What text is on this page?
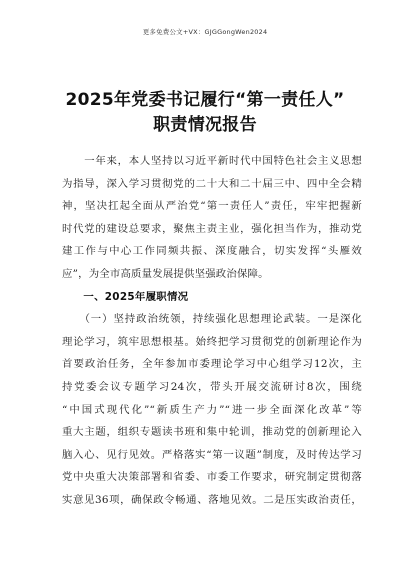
更多免费公文+VX：GJGGongWen2024
2025年党委书记履行“第一责任人”
职责情况报告
　　一年来，本人坚持以习近平新时代中国特色社会主义思想
为指导，深入学习贯彻党的二十大和二十届三中、四中全会精
神，坚决扛起全面从严治党“第一责任人”责任，牢牢把握新
时代党的建设总要求，聚焦主责主业，强化担当作为，推动党
建工作与中心工作同频共振、深度融合，切实发挥“头雁效
应”，为全市高质量发展提供坚强政治保障。
　　一、2025年履职情况
　　（一）坚持政治统领，持续强化思想理论武装。一是深化
理论学习，筑牢思想根基。始终把学习贯彻党的创新理论作为
首要政治任务，全年参加市委理论学习中心组学习12次，主
持党委会议专题学习24次，带头开展交流研讨8次，围绕
“中国式现代化”“新质生产力”“进一步全面深化改革”等
重大主题，组织专题读书班和集中轮训，推动党的创新理论入
脑入心、见行见效。严格落实“第一议题”制度，及时传达学习
党中央重大决策部署和省委、市委工作要求，研究制定贯彻落
实意见36项，确保政令畅通、落地见效。二是压实政治责任，
